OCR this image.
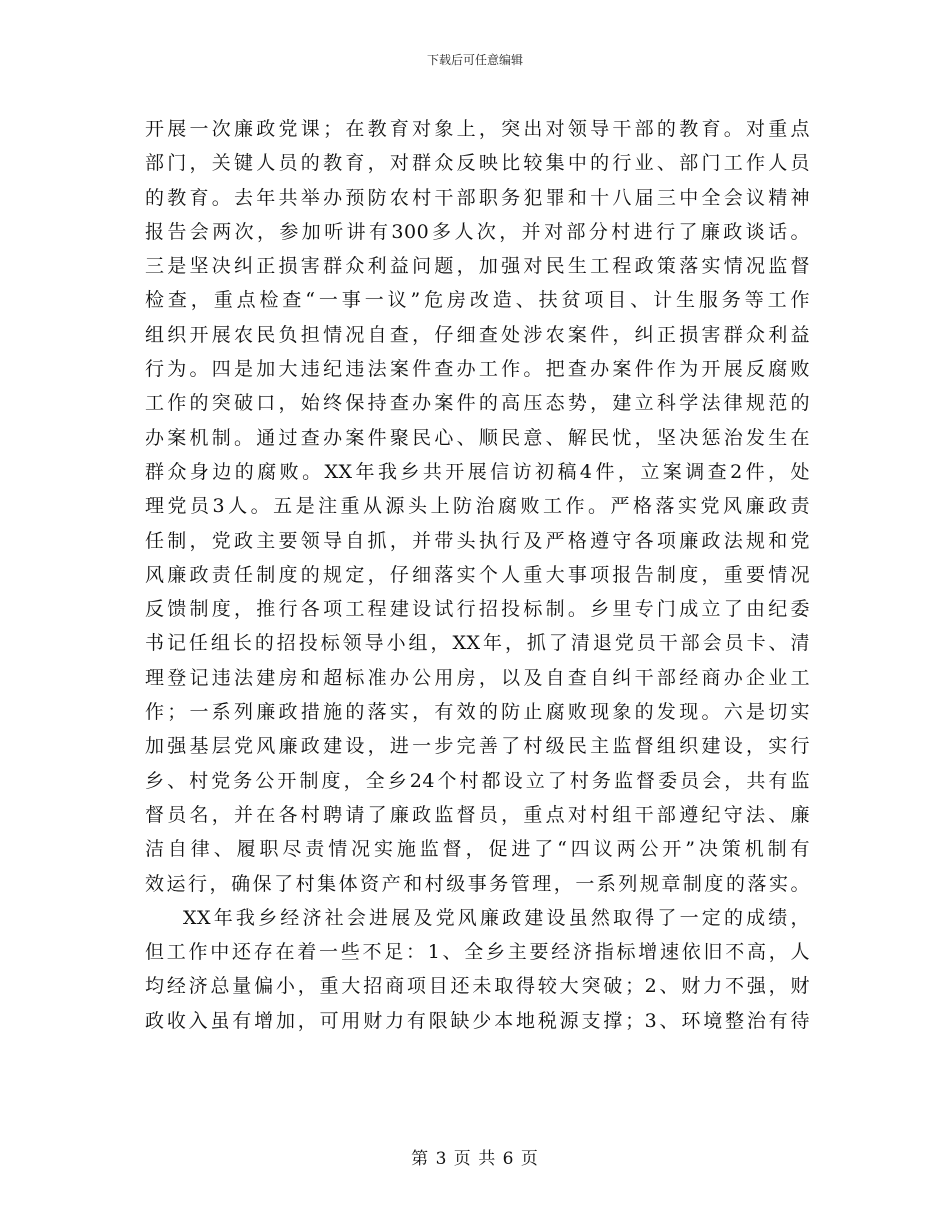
下载后可任意编辑
开展一次廉政党课；在教育对象上，突出对领导干部的教育。对重点
部门，关键人员的教育，对群众反映比较集中的行业、部门工作人员
的教育。去年共举办预防农村干部职务犯罪和十八届三中全会议精神
报告会两次，参加听讲有300多人次，并对部分村进行了廉政谈话。
三是坚决纠正损害群众利益问题，加强对民生工程政策落实情况监督
检查，重点检查“一事一议”危房改造、扶贫项目、计生服务等工作
组织开展农民负担情况自查，仔细查处涉农案件，纠正损害群众利益
行为。四是加大违纪违法案件查办工作。把查办案件作为开展反腐败
工作的突破口，始终保持查办案件的高压态势，建立科学法律规范的
办案机制。通过查办案件聚民心、顺民意、解民忧，坚决惩治发生在
群众身边的腐败。XX年我乡共开展信访初稿4件，立案调查2件，处
理党员3人。五是注重从源头上防治腐败工作。严格落实党风廉政责
任制，党政主要领导自抓，并带头执行及严格遵守各项廉政法规和党
风廉政责任制度的规定，仔细落实个人重大事项报告制度，重要情况
反馈制度，推行各项工程建设试行招投标制。乡里专门成立了由纪委
书记任组长的招投标领导小组，XX年，抓了清退党员干部会员卡、清
理登记违法建房和超标准办公用房，以及自查自纠干部经商办企业工
作；一系列廉政措施的落实，有效的防止腐败现象的发现。六是切实
加强基层党风廉政建设，进一步完善了村级民主监督组织建设，实行
乡、村党务公开制度，全乡24个村都设立了村务监督委员会，共有监
督员名，并在各村聘请了廉政监督员，重点对村组干部遵纪守法、廉
洁自律、履职尽责情况实施监督，促进了“四议两公开”决策机制有
效运行，确保了村集体资产和村级事务管理，一系列规章制度的落实。
XX年我乡经济社会进展及党风廉政建设虽然取得了一定的成绩，
但工作中还存在着一些不足：1、全乡主要经济指标增速依旧不高，人
均经济总量偏小，重大招商项目还未取得较大突破；2、财力不强，财
政收入虽有增加，可用财力有限缺少本地税源支撑；3、环境整治有待
第 3 页 共 6 页
